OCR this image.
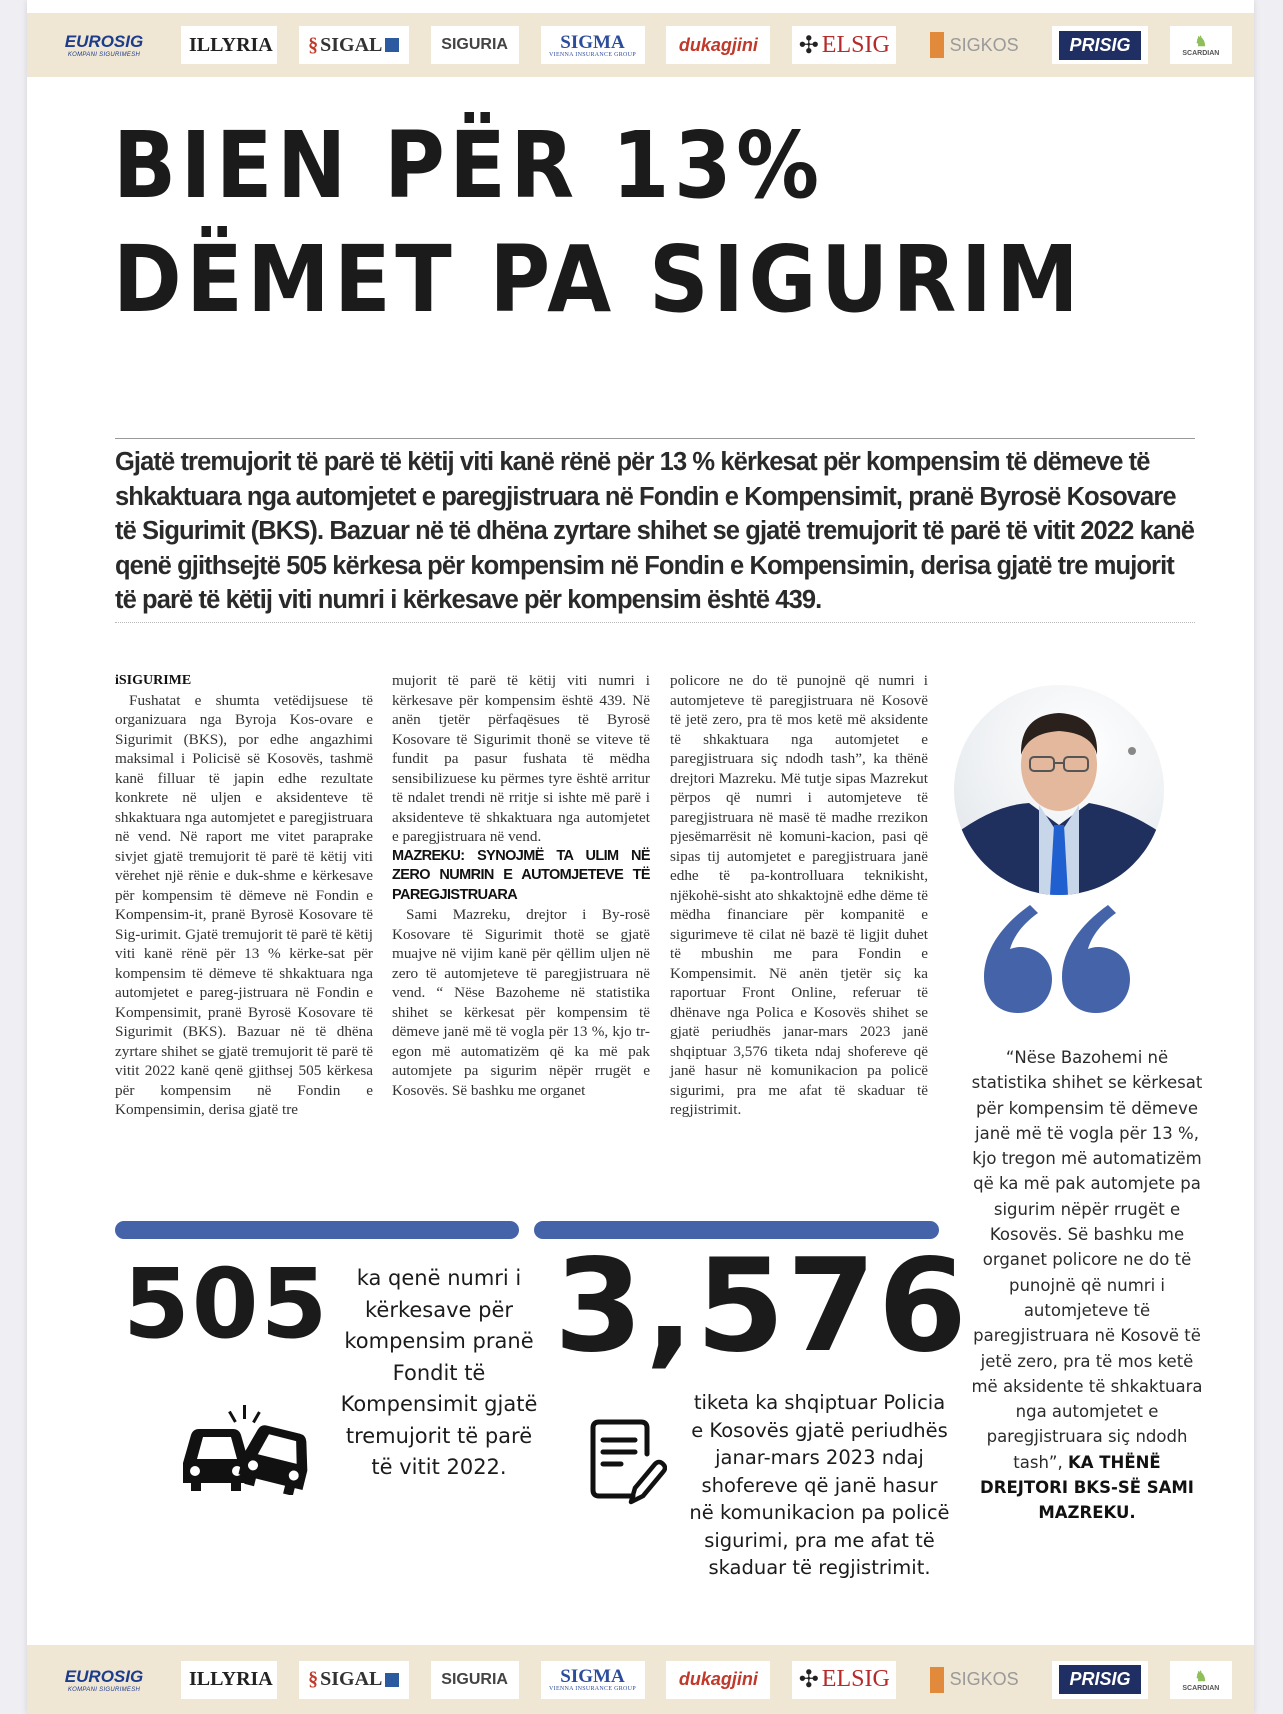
EUROSIG
KOMPANI SIGURIMESH ILLYRIA § SIGAL	SIGURIA	SIGMA
VIENNA INSURANCE GROUP dukagjini ✣ ELSIG	SIGKOS	PRISIG	♞
SCARDIAN
BIEN PËR 13%
DËMET PA SIGURIM

Gjatë tremujorit të parë të këtij viti kanë rënë për 13 % kërkesat për kompensim të dëmeve të shkaktuara nga automjetet e paregjistruara në Fondin e Kompensimit, pranë Byrosë Kosovare të Sigurimit (BKS). Bazuar në të dhëna zyrtare shihet se gjatë tremujorit të parë të vitit 2022 kanë qenë gjithsejtë 505 kërkesa për kompensim në Fondin e Kompensimin, derisa gjatë tre mujorit të parë të këtij viti numri i kërkesave për kompensim është 439.

iSIGURIME

Fushatat e shumta vetëdijsuese të organizuara nga Byroja Kos-ovare e Sigurimit (BKS), por edhe angazhimi maksimal i Policisë së Kosovës, tashmë kanë filluar të japin edhe rezultate konkrete në uljen e aksidenteve të shkaktuara nga automjetet e paregjistruara në vend. Në raport me vitet paraprake sivjet gjatë tremujorit të parë të këtij viti vërehet një rënie e duk-shme e kërkesave për kompensim të dëmeve në Fondin e Kompensim-it, pranë Byrosë Kosovare të Sig-urimit. Gjatë tremujorit të parë të këtij viti kanë rënë për 13 % kërke-sat për kompensim të dëmeve të shkaktuara nga automjetet e pareg-jistruara në Fondin e Kompensimit, pranë Byrosë Kosovare të Sigurimit (BKS). Bazuar në të dhëna zyrtare shihet se gjatë tremujorit të parë të vitit 2022 kanë qenë gjithsej 505 kërkesa për kompensim në Fondin e Kompensimin, derisa gjatë tre

mujorit të parë të këtij viti numri i kërkesave për kompensim është 439. Në anën tjetër përfaqësues të Byrosë Kosovare të Sigurimit thonë se viteve të fundit pa pasur fushata të mëdha sensibilizuese ku përmes tyre është arritur të ndalet trendi në rritje si ishte më parë i aksidenteve të shkaktuara nga automjetet e paregjistruara në vend.

MAZREKU: SYNOJMË TA ULIM NË ZERO NUMRIN E AUTOMJETEVE TË PAREGJISTRUARA

Sami Mazreku, drejtor i By-rosë Kosovare të Sigurimit thotë se gjatë muajve në vijim kanë për qëllim uljen në zero të automjeteve të paregjistruara në vend. “ Nëse Bazoheme në statistika shihet se kërkesat për kompensim të dëmeve janë më të vogla për 13 %, kjo tr-egon më automatizëm që ka më pak automjete pa sigurim nëpër rrugët e Kosovës. Së bashku me organet

policore ne do të punojnë që numri i automjeteve të paregjistruara në Kosovë të jetë zero, pra të mos ketë më aksidente të shkaktuara nga automjetet e paregjistruara siç ndodh tash”, ka thënë drejtori Mazreku. Më tutje sipas Mazrekut përpos që numri i automjeteve të paregjistruara në masë të madhe rrezikon pjesëmarrësit në komuni-kacion, pasi që sipas tij automjetet e paregjistruara janë edhe të pa-kontrolluara teknikisht, njëkohë-sisht ato shkaktojnë edhe dëme të mëdha financiare për kompanitë e sigurimeve të cilat në bazë të ligjit duhet të mbushin me para Fondin e Kompensimit. Në anën tjetër siç ka raportuar Front Online, referuar të dhënave nga Polica e Kosovës shihet se gjatë periudhës janar-mars 2023 janë shqiptuar 3,576 tiketa ndaj shofereve që janë hasur në komunikacion pa policë sigurimi, pra me afat të skaduar të regjistrimit.

“Nëse Bazohemi në statistika shihet se kërkesat për kompensim të dëmeve janë më të vogla për 13 %, kjo tregon më automatizëm që ka më pak automjete pa sigurim nëpër rrugët e Kosovës. Së bashku me organet policore ne do të punojnë që numri i automjeteve të paregjistruara në Kosovë të jetë zero, pra të mos ketë më aksidente të shkaktuara nga automjetet e paregjistruara siç ndodh tash”, KA THËNË DREJTORI BKS-SË SAMI MAZREKU.

505	ka qenë numri i kërkesave për kompensim pranë Fondit të Kompensimit gjatë tremujorit të parë të vitit 2022.

3,576

tiketa ka shqiptuar Policia e Kosovës gjatë periudhës janar-mars 2023 ndaj shofereve që janë hasur në komunikacion pa policë sigurimi, pra me afat të skaduar të regjistrimit.

EUROSIG
KOMPANI SIGURIMESH ILLYRIA § SIGAL	SIGURIA	SIGMA
VIENNA INSURANCE GROUP dukagjini ✣ ELSIG	SIGKOS	PRISIG	♞
SCARDIAN
